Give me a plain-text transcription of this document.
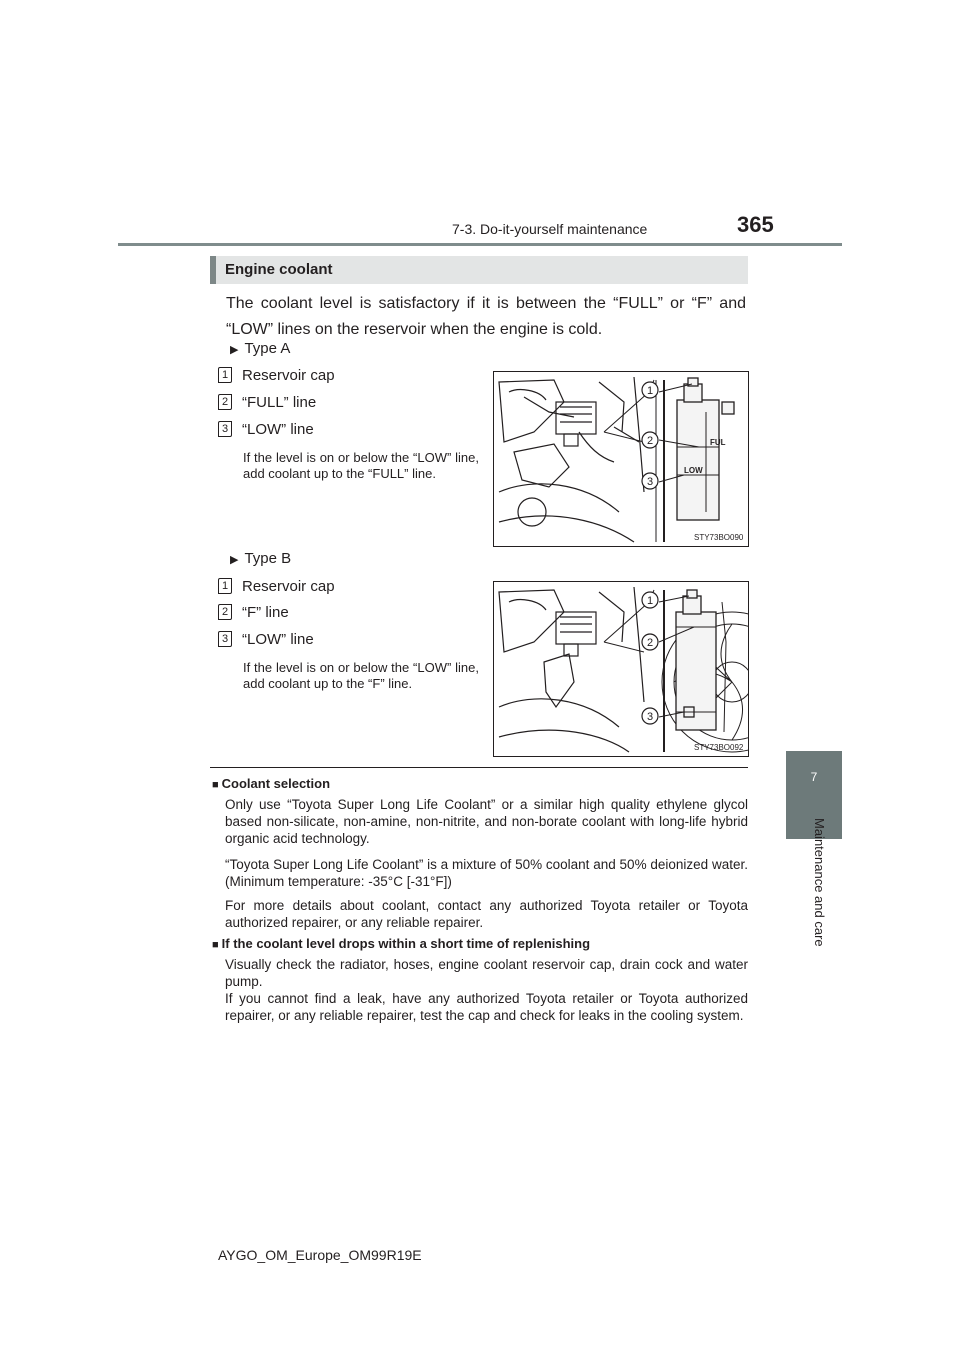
7-3. Do-it-yourself maintenance	365
7
Maintenance and care
Engine coolant
The coolant level is satisfactory if it is between the “FULL” or “F” and “LOW” lines on the reservoir when the engine is cold.
▶ Type A
1 Reservoir cap
2 “FULL” line
3 “LOW” line
If the level is on or below the “LOW” line, add coolant up to the “FULL” line.
FUL
LOW
1
2
3
STY73BO090
▶ Type B
1 Reservoir cap
2 “F” line
3 “LOW” line
If the level is on or below the “LOW” line, add coolant up to the “F” line.
1
2
3
STY73BO092
■ Coolant selection
Only use “Toyota Super Long Life Coolant” or a similar high quality ethylene glycol based non-silicate, non-amine, non-nitrite, and non-borate coolant with long-life hybrid organic acid technology.
“Toyota Super Long Life Coolant” is a mixture of 50% coolant and 50% deionized water. (Minimum temperature: -35°C [-31°F])
For more details about coolant, contact any authorized Toyota retailer or Toyota authorized repairer, or any reliable repairer.
■ If the coolant level drops within a short time of replenishing
Visually check the radiator, hoses, engine coolant reservoir cap, drain cock and water pump.
If you cannot find a leak, have any authorized Toyota retailer or Toyota authorized repairer, or any reliable repairer, test the cap and check for leaks in the cooling system.
AYGO_OM_Europe_OM99R19E
